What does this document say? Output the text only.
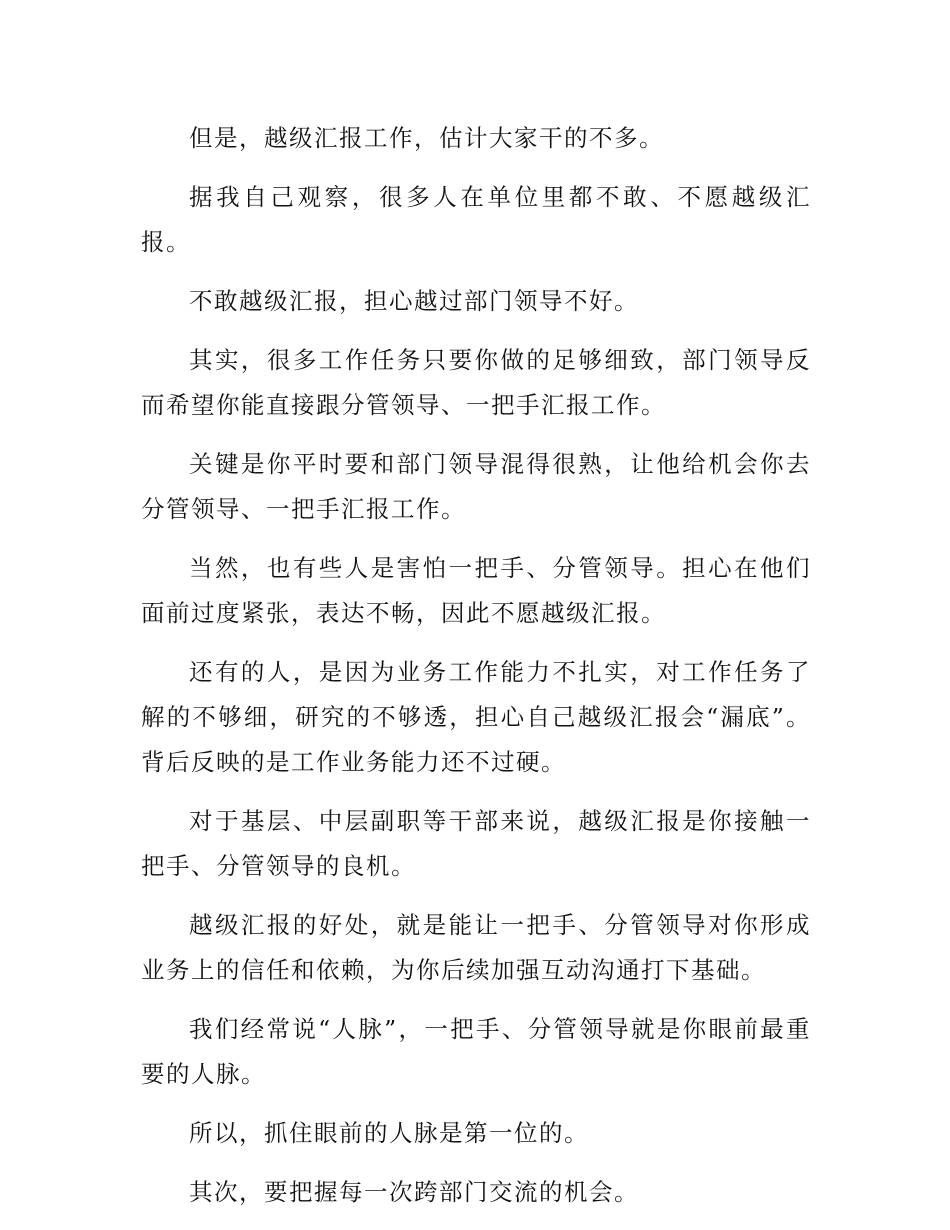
但是，越级汇报工作，估计大家干的不多。

据我自己观察，很多人在单位里都不敢、不愿越级汇报。

不敢越级汇报，担心越过部门领导不好。

其实，很多工作任务只要你做的足够细致，部门领导反而希望你能直接跟分管领导、一把手汇报工作。

关键是你平时要和部门领导混得很熟，让他给机会你去分管领导、一把手汇报工作。

当然，也有些人是害怕一把手、分管领导。担心在他们面前过度紧张，表达不畅，因此不愿越级汇报。

还有的人，是因为业务工作能力不扎实，对工作任务了解的不够细，研究的不够透，担心自己越级汇报会“漏底”。背后反映的是工作业务能力还不过硬。

对于基层、中层副职等干部来说，越级汇报是你接触一把手、分管领导的良机。

越级汇报的好处，就是能让一把手、分管领导对你形成业务上的信任和依赖，为你后续加强互动沟通打下基础。

我们经常说“人脉”，一把手、分管领导就是你眼前最重要的人脉。

所以，抓住眼前的人脉是第一位的。

其次，要把握每一次跨部门交流的机会。
